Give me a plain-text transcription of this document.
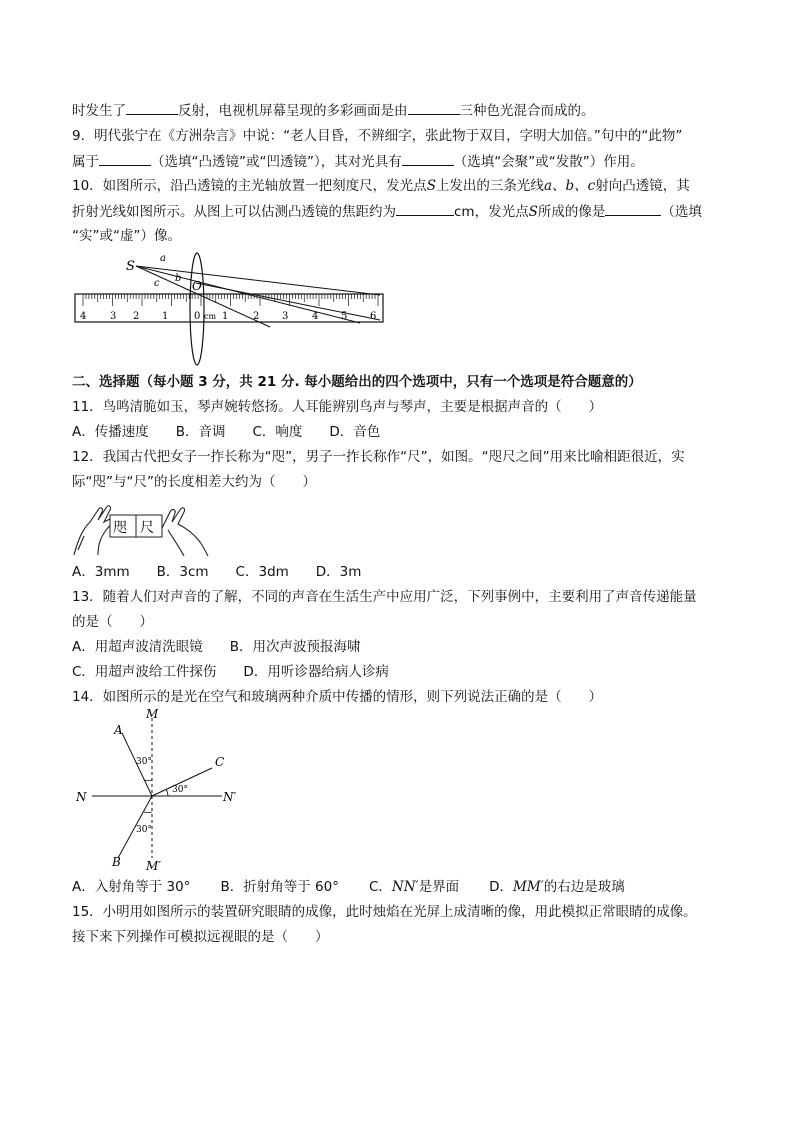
时发生了	反射，电视机屏幕呈现的多彩画面是由	三种色光混合而成的。
9．明代张宁在《方洲杂言》中说：“老人目昏，不辨细字，张此物于双目，字明大加倍。”句中的“此物”
属于	（选填“凸透镜”或“凹透镜”），其对光具有	（选填“会聚”或“发散”）作用。
10．如图所示，沿凸透镜的主光轴放置一把刻度尺，发光点S上发出的三条光线a、b、c射向凸透镜，其
折射光线如图所示。从图上可以估测凸透镜的焦距约为	cm，发光点S所成的像是	（选填
“实”或“虚”）像。
S
a
b
c	O
cm
4 3 2 1	0 1 2 3 4 5 6
二、选择题（每小题 3 分，共 21 分. 每小题给出的四个选项中，只有一个选项是符合题意的）
11．鸟鸣清脆如玉，琴声婉转悠扬。人耳能辨别鸟声与琴声，主要是根据声音的（　　）
A．传播速度　　B．音调　　C．响度　　D．音色
12．我国古代把女子一拃长称为“咫”，男子一拃长称作“尺”，如图。“咫尺之间”用来比喻相距很近，实
际“咫”与“尺”的长度相差大约为（　　）
咫 尺
A．3mm　　B．3cm　　C．3dm　　D．3m
13．随着人们对声音的了解，不同的声音在生活生产中应用广泛，下列事例中，主要利用了声音传递能量
的是（　　）
A．用超声波清洗眼镜　　B．用次声波预报海啸
C．用超声波给工件探伤　　D．用听诊器给病人诊病
14．如图所示的是光在空气和玻璃两种介质中传播的情形，则下列说法正确的是（　　）
M
M′
N	N′
A
B
C
30°
30°
30°
A．入射角等于 30° B．折射角等于 60° C．NN′是界面 D．MM′的右边是玻璃
15．小明用如图所示的装置研究眼睛的成像，此时烛焰在光屏上成清晰的像，用此模拟正常眼睛的成像。
接下来下列操作可模拟远视眼的是（　　）
